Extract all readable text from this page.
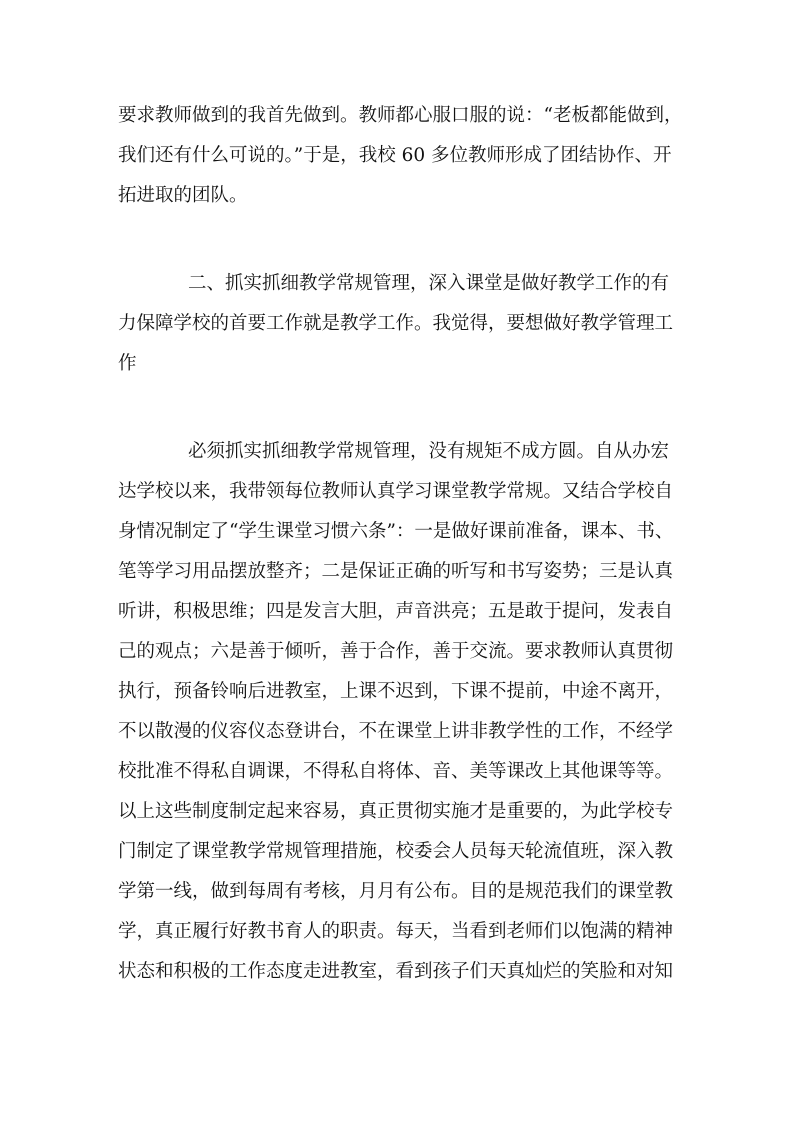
要求教师做到的我首先做到。教师都心服口服的说：“老板都能做到，
我们还有什么可说的。”于是，我校 60 多位教师形成了团结协作、开
拓进取的团队。
二、抓实抓细教学常规管理，深入课堂是做好教学工作的有
力保障学校的首要工作就是教学工作。我觉得，要想做好教学管理工
作
必须抓实抓细教学常规管理，没有规矩不成方圆。自从办宏
达学校以来，我带领每位教师认真学习课堂教学常规。又结合学校自
身情况制定了“学生课堂习惯六条”：一是做好课前准备，课本、书、
笔等学习用品摆放整齐；二是保证正确的听写和书写姿势；三是认真
听讲，积极思维；四是发言大胆，声音洪亮；五是敢于提问，发表自
己的观点；六是善于倾听，善于合作，善于交流。要求教师认真贯彻
执行，预备铃响后进教室，上课不迟到，下课不提前，中途不离开，
不以散漫的仪容仪态登讲台，不在课堂上讲非教学性的工作，不经学
校批准不得私自调课，不得私自将体、音、美等课改上其他课等等。
以上这些制度制定起来容易，真正贯彻实施才是重要的，为此学校专
门制定了课堂教学常规管理措施，校委会人员每天轮流值班，深入教
学第一线，做到每周有考核，月月有公布。目的是规范我们的课堂教
学，真正履行好教书育人的职责。每天，当看到老师们以饱满的精神
状态和积极的工作态度走进教室，看到孩子们天真灿烂的笑脸和对知
